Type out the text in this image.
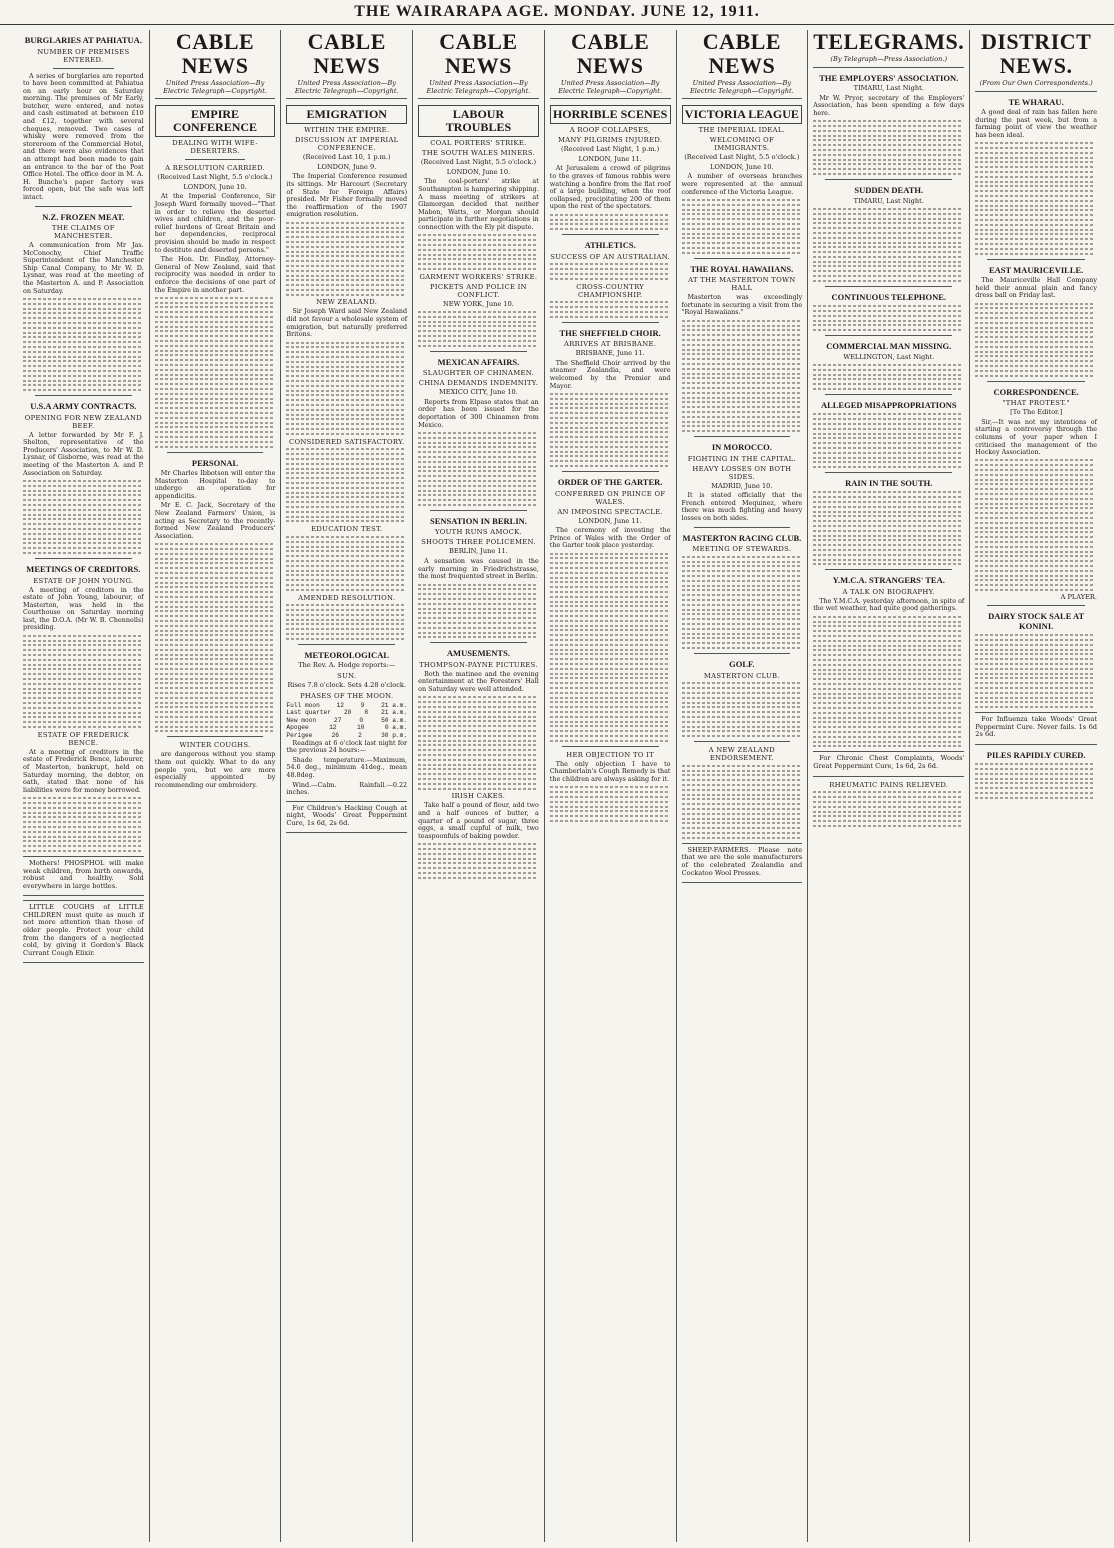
THE WAIRARAPA AGE. MONDAY. JUNE 12, 1911.
BURGLARIES AT PAHIATUA.
NUMBER OF PREMISES ENTERED.

A series of burglaries are reported to have been committed at Pahiatua on an early hour on Saturday morning. The premises of Mr Early, butcher, were entered, and notes and cash estimated at between £10 and £12, together with several cheques, removed. Two cases of whisky were removed from the storeroom of the Commercial Hotel, and there were also evidences that an attempt had been made to gain an entrance to the bar of the Post Office Hotel. The office door in M. A. H. Bunche's paper factory was forced open, but the safe was left intact.

N.Z. FROZEN MEAT.
THE CLAIMS OF MANCHESTER.

A communication from Mr Jas. McConochy, Chief Traffic Superintendent of the Manchester Ship Canal Company, to Mr W. D. Lysnar, was read at the meeting of the Masterton A. and P. Association on Saturday.

U.S.A ARMY CONTRACTS.
OPENING FOR NEW ZEALAND BEEF.

A letter forwarded by Mr F. J. Shelton, representative of the Producers' Association, to Mr W. D. Lysnar, of Gisborne, was read at the meeting of the Masterton A. and P. Association on Saturday.

MEETINGS OF CREDITORS.
ESTATE OF JOHN YOUNG.

A meeting of creditors in the estate of John Young, labourer, of Masterton, was held in the Courthouse on Saturday morning last, the D.O.A. (Mr W. B. Chennells) presiding.

ESTATE OF FREDERICK BENCE.

At a meeting of creditors in the estate of Frederick Bence, labourer, of Masterton, bankrupt, held on Saturday morning, the debtor, on oath, stated that none of his liabilities were for money borrowed.

Mothers! PHOSPHOL will make weak children, from birth onwards, robust and healthy. Sold everywhere in large bottles.

LITTLE COUGHS of LITTLE CHILDREN must quite as much if not more attention than those of older people. Protect your child from the dangers of a neglected cold, by giving it Gordon's Black Currant Cough Elixir.

CABLE NEWS
United Press Association—By Electric Telegraph—Copyright.
EMPIRE CONFERENCE
DEALING WITH WIFE-DESERTERS.
A RESOLUTION CARRIED.
(Received Last Night, 5.5 o'clock.)
LONDON, June 10.

At the Imperial Conference, Sir Joseph Ward formally moved—"That in order to relieve the deserted wives and children, and the poor-relief burdens of Great Britain and her dependencies, reciprocal provision should be made in respect to destitute and deserted persons."

The Hon. Dr. Findlay, Attorney-General of New Zealand, said that reciprocity was needed in order to enforce the decisions of one part of the Empire in another part.

PERSONAL

Mr Charles Ibbotson will enter the Masterton Hospital to-day to undergo an operation for appendicitis.

Mr E. C. Jack, Secretary of the New Zealand Farmers' Union, is acting as Secretary to the recently-formed New Zealand Producers' Association.

WINTER COUGHS.

are dangerous without you stamp them out quickly. What to do any people you, but we are more especially appointed by recommending our embroidery.

CABLE NEWS
United Press Association—By Electric Telegraph—Copyright.
EMIGRATION
WITHIN THE EMPIRE.
DISCUSSION AT IMPERIAL CONFERENCE.
(Received Last 10, 1 p.m.)
LONDON, June 9.

The Imperial Conference resumed its sittings. Mr Harcourt (Secretary of State for Foreign Affairs) presided. Mr Fisher formally moved the reaffirmation of the 1907 emigration resolution.

NEW ZEALAND.

Sir Joseph Ward said New Zealand did not favour a wholesale system of emigration, but naturally preferred Britons.

CONSIDERED SATISFACTORY.
EDUCATION TEST.
AMENDED RESOLUTION.
METEOROLOGICAL
The Rev. A. Hodge reports:—
SUN.
Rises 7.8 o'clock. Sets 4.28 o'clock.
PHASES OF THE MOON.
Full moon	12	9	21 a.m.
Last quarter 20 8 21 a.m.
New moon	27	0	50 a.m.
Apogee	12	10	0 a.m.
Perigee	26	2	30 p.m.

Readings at 6 o'clock last night for the previous 24 hours:—

Shade temperature.—Maximum, 54.6 deg., minimum 41deg., mean 48.8deg.

Wind.—Calm. Rainfall.—0.22 inches.

For Children's Hacking Cough at night, Woods' Great Peppermint Cure, 1s 6d, 2s 6d.

CABLE NEWS
United Press Association—By Electric Telegraph—Copyright.
LABOUR TROUBLES
COAL PORTERS' STRIKE.
THE SOUTH WALES MINERS.
(Received Last Night, 5.5 o'clock.)
LONDON, June 10.

The coal-porters' strike at Southampton is hampering shipping. A mass meeting of strikers at Glamorgan decided that neither Mabon, Watts, or Morgan should participate in further negotiations in connection with the Ely pit dispute.

GARMENT WORKERS' STRIKE.
PICKETS AND POLICE IN CONFLICT.
NEW YORK, June 10.
MEXICAN AFFAIRS.
SLAUGHTER OF CHINAMEN.
CHINA DEMANDS INDEMNITY.
MEXICO CITY, June 10.

Reports from Elpaso states that an order has been issued for the deportation of 300 Chinamen from Mexico.

SENSATION IN BERLIN.
YOUTH RUNS AMOCK.
SHOOTS THREE POLICEMEN.
BERLIN, June 11.

A sensation was caused in the early morning in Friedrichstrasse, the most frequented street in Berlin.

AMUSEMENTS.
THOMPSON-PAYNE PICTURES.

Both the matinee and the evening entertainment at the Foresters' Hall on Saturday were well attended.

IRISH CAKES.

Take half a pound of flour, add two and a half ounces of butter, a quarter of a pound of sugar, three eggs, a small cupful of milk, two teaspoonfuls of baking powder.

CABLE NEWS
United Press Association—By Electric Telegraph—Copyright.
HORRIBLE SCENES
A ROOF COLLAPSES,
MANY PILGRIMS INJURED.
(Received Last Night, 1 p.m.)
LONDON, June 11.

At Jerusalem a crowd of pilgrims to the graves of famous rabbis were watching a bonfire from the flat roof of a large building, when the roof collapsed, precipitating 200 of them upon the rest of the spectators.

ATHLETICS.
SUCCESS OF AN AUSTRALIAN.
CROSS-COUNTRY CHAMPIONSHIP.
THE SHEFFIELD CHOIR.
ARRIVES AT BRISBANE.
BRISBANE, June 11.

The Sheffield Choir arrived by the steamer Zealandia, and were welcomed by the Premier and Mayor.

ORDER OF THE GARTER.
CONFERRED ON PRINCE OF WALES.
AN IMPOSING SPECTACLE.
LONDON, June 11.

The ceremony of investing the Prince of Wales with the Order of the Garter took place yesterday.

HER OBJECTION TO IT

The only objection I have to Chamberlain's Cough Remedy is that the children are always asking for it.

CABLE NEWS
United Press Association—By Electric Telegraph—Copyright.
VICTORIA LEAGUE
THE IMPERIAL IDEAL.
WELCOMING OF IMMIGRANTS.
(Received Last Night, 5.5 o'clock.)
LONDON, June 10.

A number of overseas branches were represented at the annual conference of the Victoria League.

THE ROYAL HAWAIIANS.
AT THE MASTERTON TOWN HALL

Masterton was exceedingly fortunate in securing a visit from the "Royal Hawaiians."

IN MOROCCO.
FIGHTING IN THE CAPITAL.
HEAVY LOSSES ON BOTH SIDES.
MADRID, June 10.

It is stated officially that the French entered Mequinez, where there was much fighting and heavy losses on both sides.

MASTERTON RACING CLUB.
MEETING OF STEWARDS.
GOLF.
MASTERTON CLUB.
A NEW ZEALAND ENDORSEMENT.

SHEEP-FARMERS. Please note that we are the sole manufacturers of the celebrated Zealandia and Cockatoo Wool Presses.

TELEGRAMS.
(By Telegraph—Press Association.)
THE EMPLOYERS' ASSOCIATION.
TIMARU, Last Night.

Mr W. Pryor, secretary of the Employers' Association, has been spending a few days here.

SUDDEN DEATH.
TIMARU, Last Night.
CONTINUOUS TELEPHONE.
COMMERCIAL MAN MISSING.
WELLINGTON, Last Night.
ALLEGED MISAPPROPRIATIONS
RAIN IN THE SOUTH.
Y.M.C.A. STRANGERS' TEA.
A TALK ON BIOGRAPHY.

The Y.M.C.A. yesterday afternoon, in spite of the wet weather, had quite good gatherings.

For Chronic Chest Complaints, Woods' Great Peppermint Cure, 1s 6d, 2s 6d.

RHEUMATIC PAINS RELIEVED.
DISTRICT NEWS.
(From Our Own Correspondents.)
TE WHARAU.

A good deal of rain has fallen here during the past week, but from a farming point of view the weather has been ideal.

EAST MAURICEVILLE.

The Mauriceville Hall Company held their annual plain and fancy dress ball on Friday last.

CORRESPONDENCE.
"THAT PROTEST."
[To The Editor.]

Sir,—It was not my intentions of starting a controversy through the columns of your paper when I criticised the management of the Hockey Association.

A PLAYER.
DAIRY STOCK SALE AT KONINI.

For Influenza take Woods' Great Peppermint Cure. Never fails. 1s 6d 2s 6d.

PILES RAPIDLY CURED.
